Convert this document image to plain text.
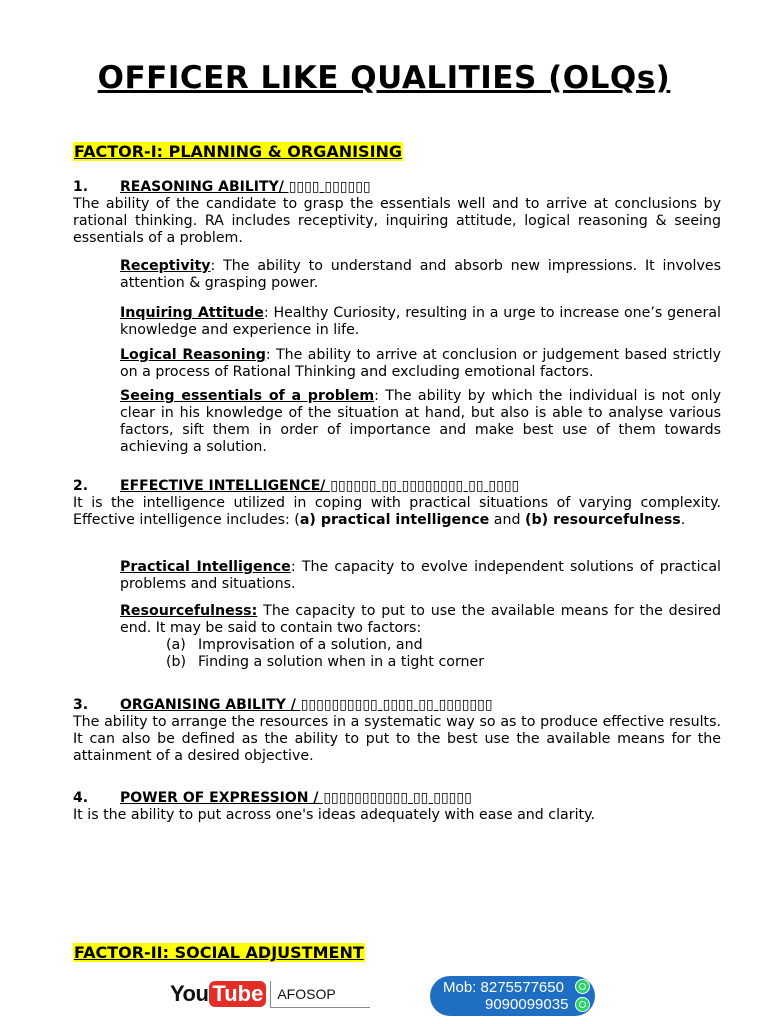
OFFICER LIKE QUALITIES (OLQs)
FACTOR-I: PLANNING & ORGANISING
1.	REASONING ABILITY/ ▯▯▯▯ ▯▯▯▯▯▯
The ability of the candidate to grasp the essentials well and to arrive at conclusions by rational thinking. RA includes receptivity, inquiring attitude, logical reasoning & seeing essentials of a problem.
Receptivity: The ability to understand and absorb new impressions. It involves attention & grasping power.
Inquiring Attitude: Healthy Curiosity, resulting in a urge to increase one’s general knowledge and experience in life.
Logical Reasoning: The ability to arrive at conclusion or judgement based strictly on a process of Rational Thinking and excluding emotional factors.
Seeing essentials of a problem: The ability by which the individual is not only clear in his knowledge of the situation at hand, but also is able to analyse various factors, sift them in order of importance and make best use of them towards achieving a solution.
2.	EFFECTIVE INTELLIGENCE/ ▯▯▯▯▯▯ ▯▯ ▯▯▯▯▯▯▯▯ ▯▯ ▯▯▯▯
It is the intelligence utilized in coping with practical situations of varying complexity. Effective intelligence includes: (a) practical intelligence and (b) resourcefulness.
Practical Intelligence: The capacity to evolve independent solutions of practical problems and situations.
Resourcefulness: The capacity to put to use the available means for the desired end. It may be said to contain two factors:
(a) Improvisation of a solution, and
(b) Finding a solution when in a tight corner
3.	ORGANISING ABILITY / ▯▯▯▯▯▯▯▯▯▯ ▯▯▯▯ ▯▯ ▯▯▯▯▯▯▯
The ability to arrange the resources in a systematic way so as to produce effective results. It can also be defined as the ability to put to the best use the available means for the attainment of a desired objective.
4.	POWER OF EXPRESSION / ▯▯▯▯▯▯▯▯▯▯▯ ▯▯ ▯▯▯▯▯
It is the ability to put across one's ideas adequately with ease and clarity.
FACTOR-II: SOCIAL ADJUSTMENT
You Tube	AFOSOP	Mob: 8275577650
9090099035
